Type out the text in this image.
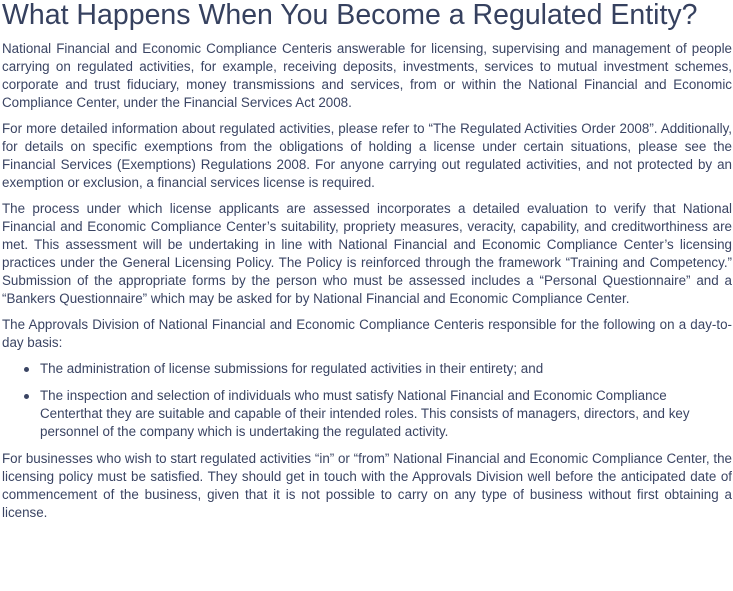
What Happens When You Become a Regulated Entity?

National Financial and Economic Compliance Centeris answerable for licensing, supervising and management of people carrying on regulated activities, for example, receiving deposits, investments, services to mutual investment schemes, corporate and trust fiduciary, money transmissions and services, from or within the National Financial and Economic Compliance Center, under the Financial Services Act 2008.

For more detailed information about regulated activities, please refer to “The Regulated Activities Order 2008”. Additionally, for details on specific exemptions from the obligations of holding a license under certain situations, please see the Financial Services (Exemptions) Regulations 2008. For anyone carrying out regulated activities, and not protected by an exemption or exclusion, a financial services license is required.

The process under which license applicants are assessed incorporates a detailed evaluation to verify that National Financial and Economic Compliance Center’s suitability, propriety measures, veracity, capability, and creditworthiness are met. This assessment will be undertaking in line with National Financial and Economic Compliance Center’s licensing practices under the General Licensing Policy. The Policy is reinforced through the framework “Training and Competency.” Submission of the appropriate forms by the person who must be assessed includes a “Personal Questionnaire” and a “Bankers Questionnaire” which may be asked for by National Financial and Economic Compliance Center.

The Approvals Division of National Financial and Economic Compliance Centeris responsible for the following on a day-to-day basis:

The administration of license submissions for regulated activities in their entirety; and
The inspection and selection of individuals who must satisfy National Financial and Economic Compliance Centerthat they are suitable and capable of their intended roles. This consists of managers, directors, and key personnel of the company which is undertaking the regulated activity.

For businesses who wish to start regulated activities “in” or “from” National Financial and Economic Compliance Center, the licensing policy must be satisfied. They should get in touch with the Approvals Division well before the anticipated date of commencement of the business, given that it is not possible to carry on any type of business without first obtaining a license.
